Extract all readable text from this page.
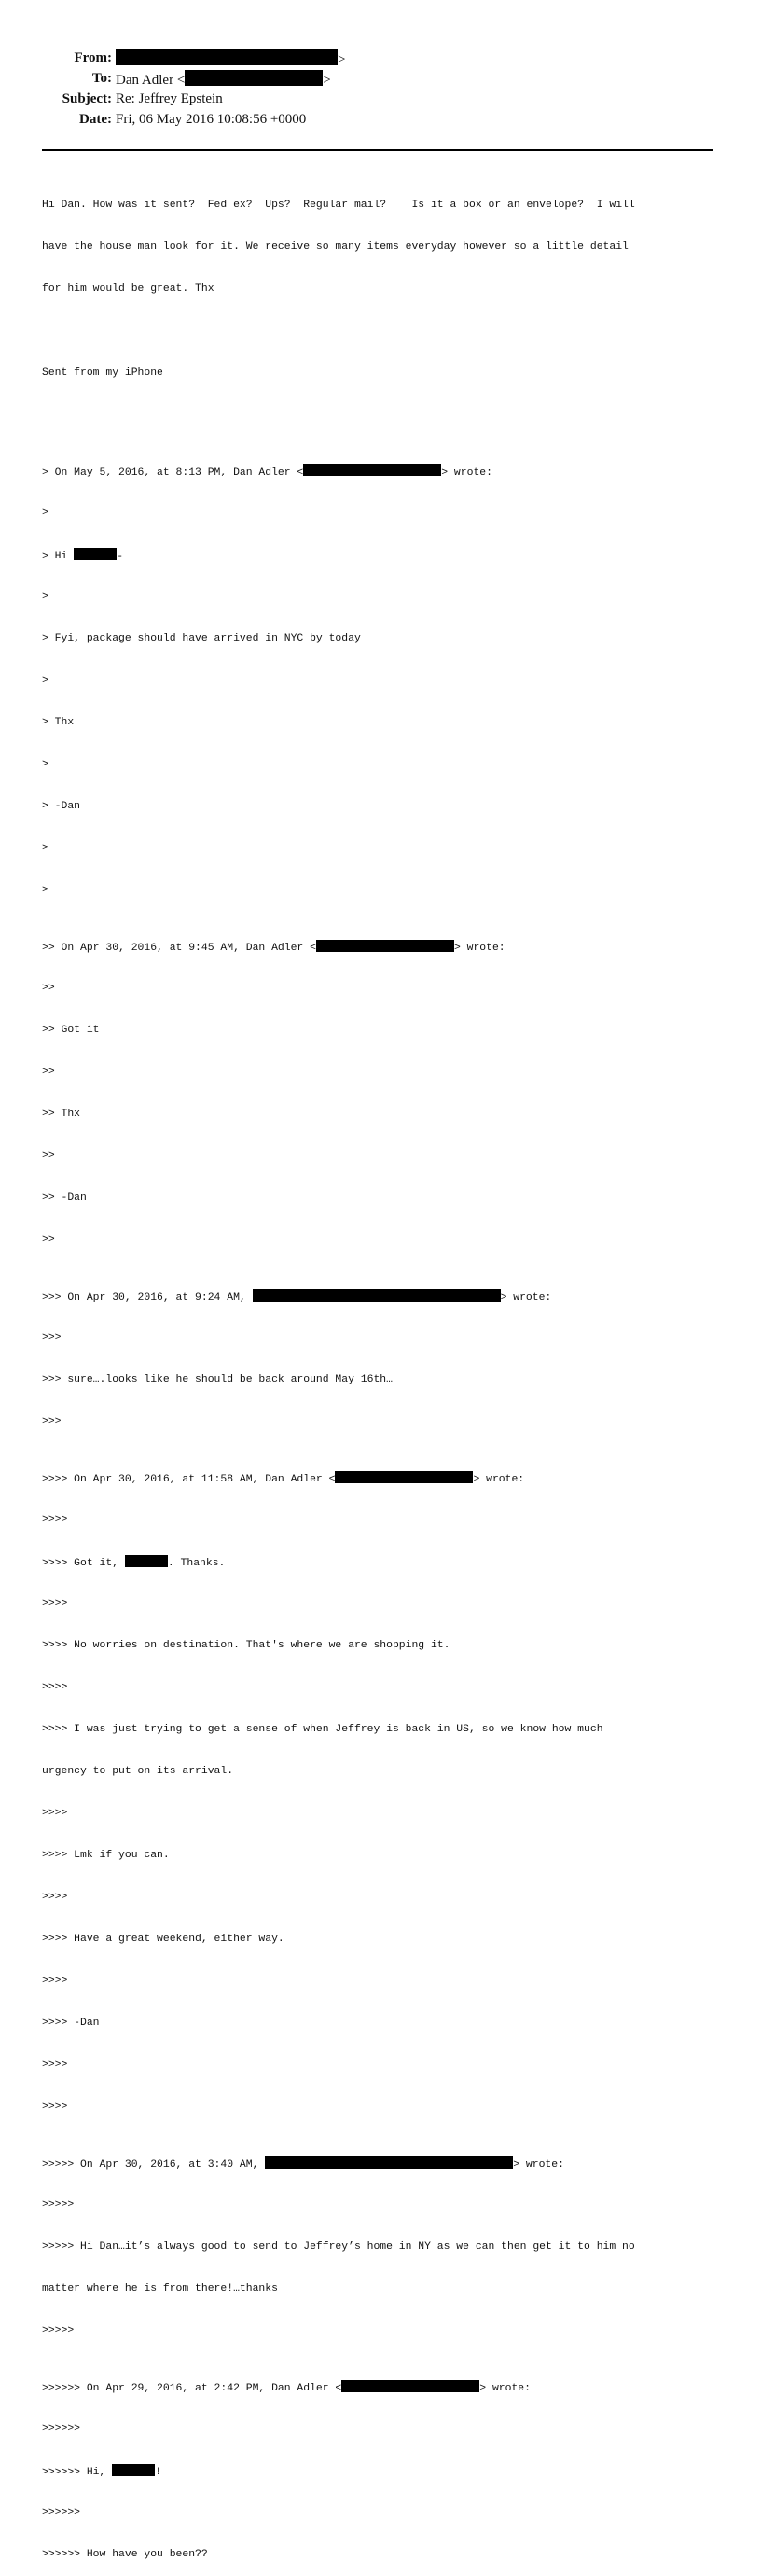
From:	>
To: Dan Adler <	>
Subject: Re: Jeffrey Epstein
Date: Fri, 06 May 2016 10:08:56 +0000

Hi Dan. How was it sent?  Fed ex?  Ups?  Regular mail?    Is it a box or an envelope?  I will

have the house man look for it. We receive so many items everyday however so a little detail

for him would be great. Thx

Sent from my iPhone

> On May 5, 2016, at 8:13 PM, Dan Adler <	> wrote:

>

> Hi	-

>

> Fyi, package should have arrived in NYC by today

>

> Thx

>

> -Dan

>

>

>> On Apr 30, 2016, at 9:45 AM, Dan Adler <	> wrote:

>>

>> Got it

>>

>> Thx

>>

>> -Dan

>>

>>> On Apr 30, 2016, at 9:24 AM,	> wrote:

>>>

>>> sure….looks like he should be back around May 16th…

>>>

>>>> On Apr 30, 2016, at 11:58 AM, Dan Adler <	> wrote:

>>>>

>>>> Got it,	. Thanks.

>>>>

>>>> No worries on destination. That's where we are shopping it.

>>>>

>>>> I was just trying to get a sense of when Jeffrey is back in US, so we know how much

urgency to put on its arrival.

>>>>

>>>> Lmk if you can.

>>>>

>>>> Have a great weekend, either way.

>>>>

>>>> -Dan

>>>>

>>>>

>>>>> On Apr 30, 2016, at 3:40 AM,	> wrote:

>>>>>

>>>>> Hi Dan…it’s always good to send to Jeffrey’s home in NY as we can then get it to him no

matter where he is from there!…thanks

>>>>>

>>>>>> On Apr 29, 2016, at 2:42 PM, Dan Adler <	> wrote:

>>>>>>

>>>>>> Hi,	!

>>>>>>

>>>>>> How have you been??
